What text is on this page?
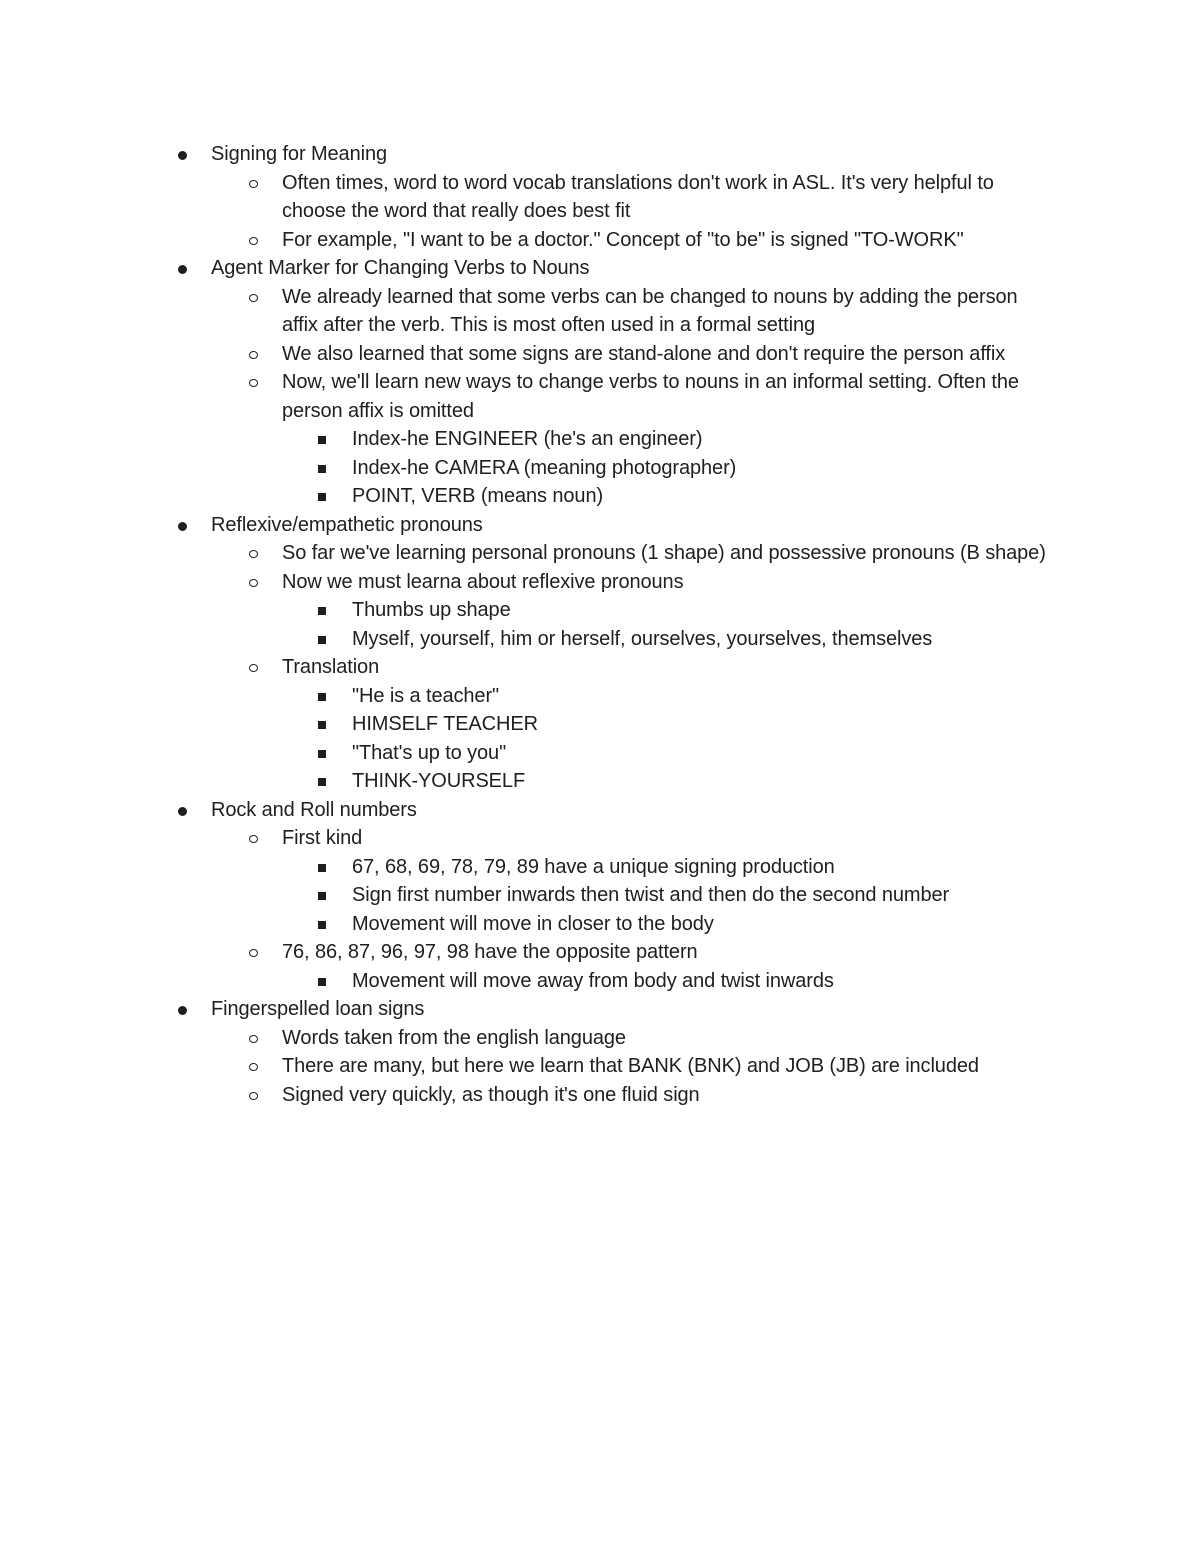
Signing for Meaning
Often times, word to word vocab translations don't work in ASL. It's very helpful to choose the word that really does best fit
For example, "I want to be a doctor." Concept of "to be" is signed "TO-WORK"
Agent Marker for Changing Verbs to Nouns
We already learned that some verbs can be changed to nouns by adding the person affix after the verb. This is most often used in a formal setting
We also learned that some signs are stand-alone and don't require the person affix
Now, we'll learn new ways to change verbs to nouns in an informal setting. Often the person affix is omitted
Index-he ENGINEER (he's an engineer)
Index-he CAMERA (meaning photographer)
POINT, VERB (means noun)
Reflexive/empathetic pronouns
So far we've learning personal pronouns (1 shape) and possessive pronouns (B shape)
Now we must learna about reflexive pronouns
Thumbs up shape
Myself, yourself, him or herself, ourselves, yourselves, themselves
Translation
"He is a teacher"
HIMSELF TEACHER
"That's up to you"
THINK-YOURSELF
Rock and Roll numbers
First kind
67, 68, 69, 78, 79, 89 have a unique signing production
Sign first number inwards then twist and then do the second number
Movement will move in closer to the body
76, 86, 87, 96, 97, 98 have the opposite pattern
Movement will move away from body and twist inwards
Fingerspelled loan signs
Words taken from the english language
There are many, but here we learn that BANK (BNK) and JOB (JB) are included
Signed very quickly, as though it's one fluid sign
